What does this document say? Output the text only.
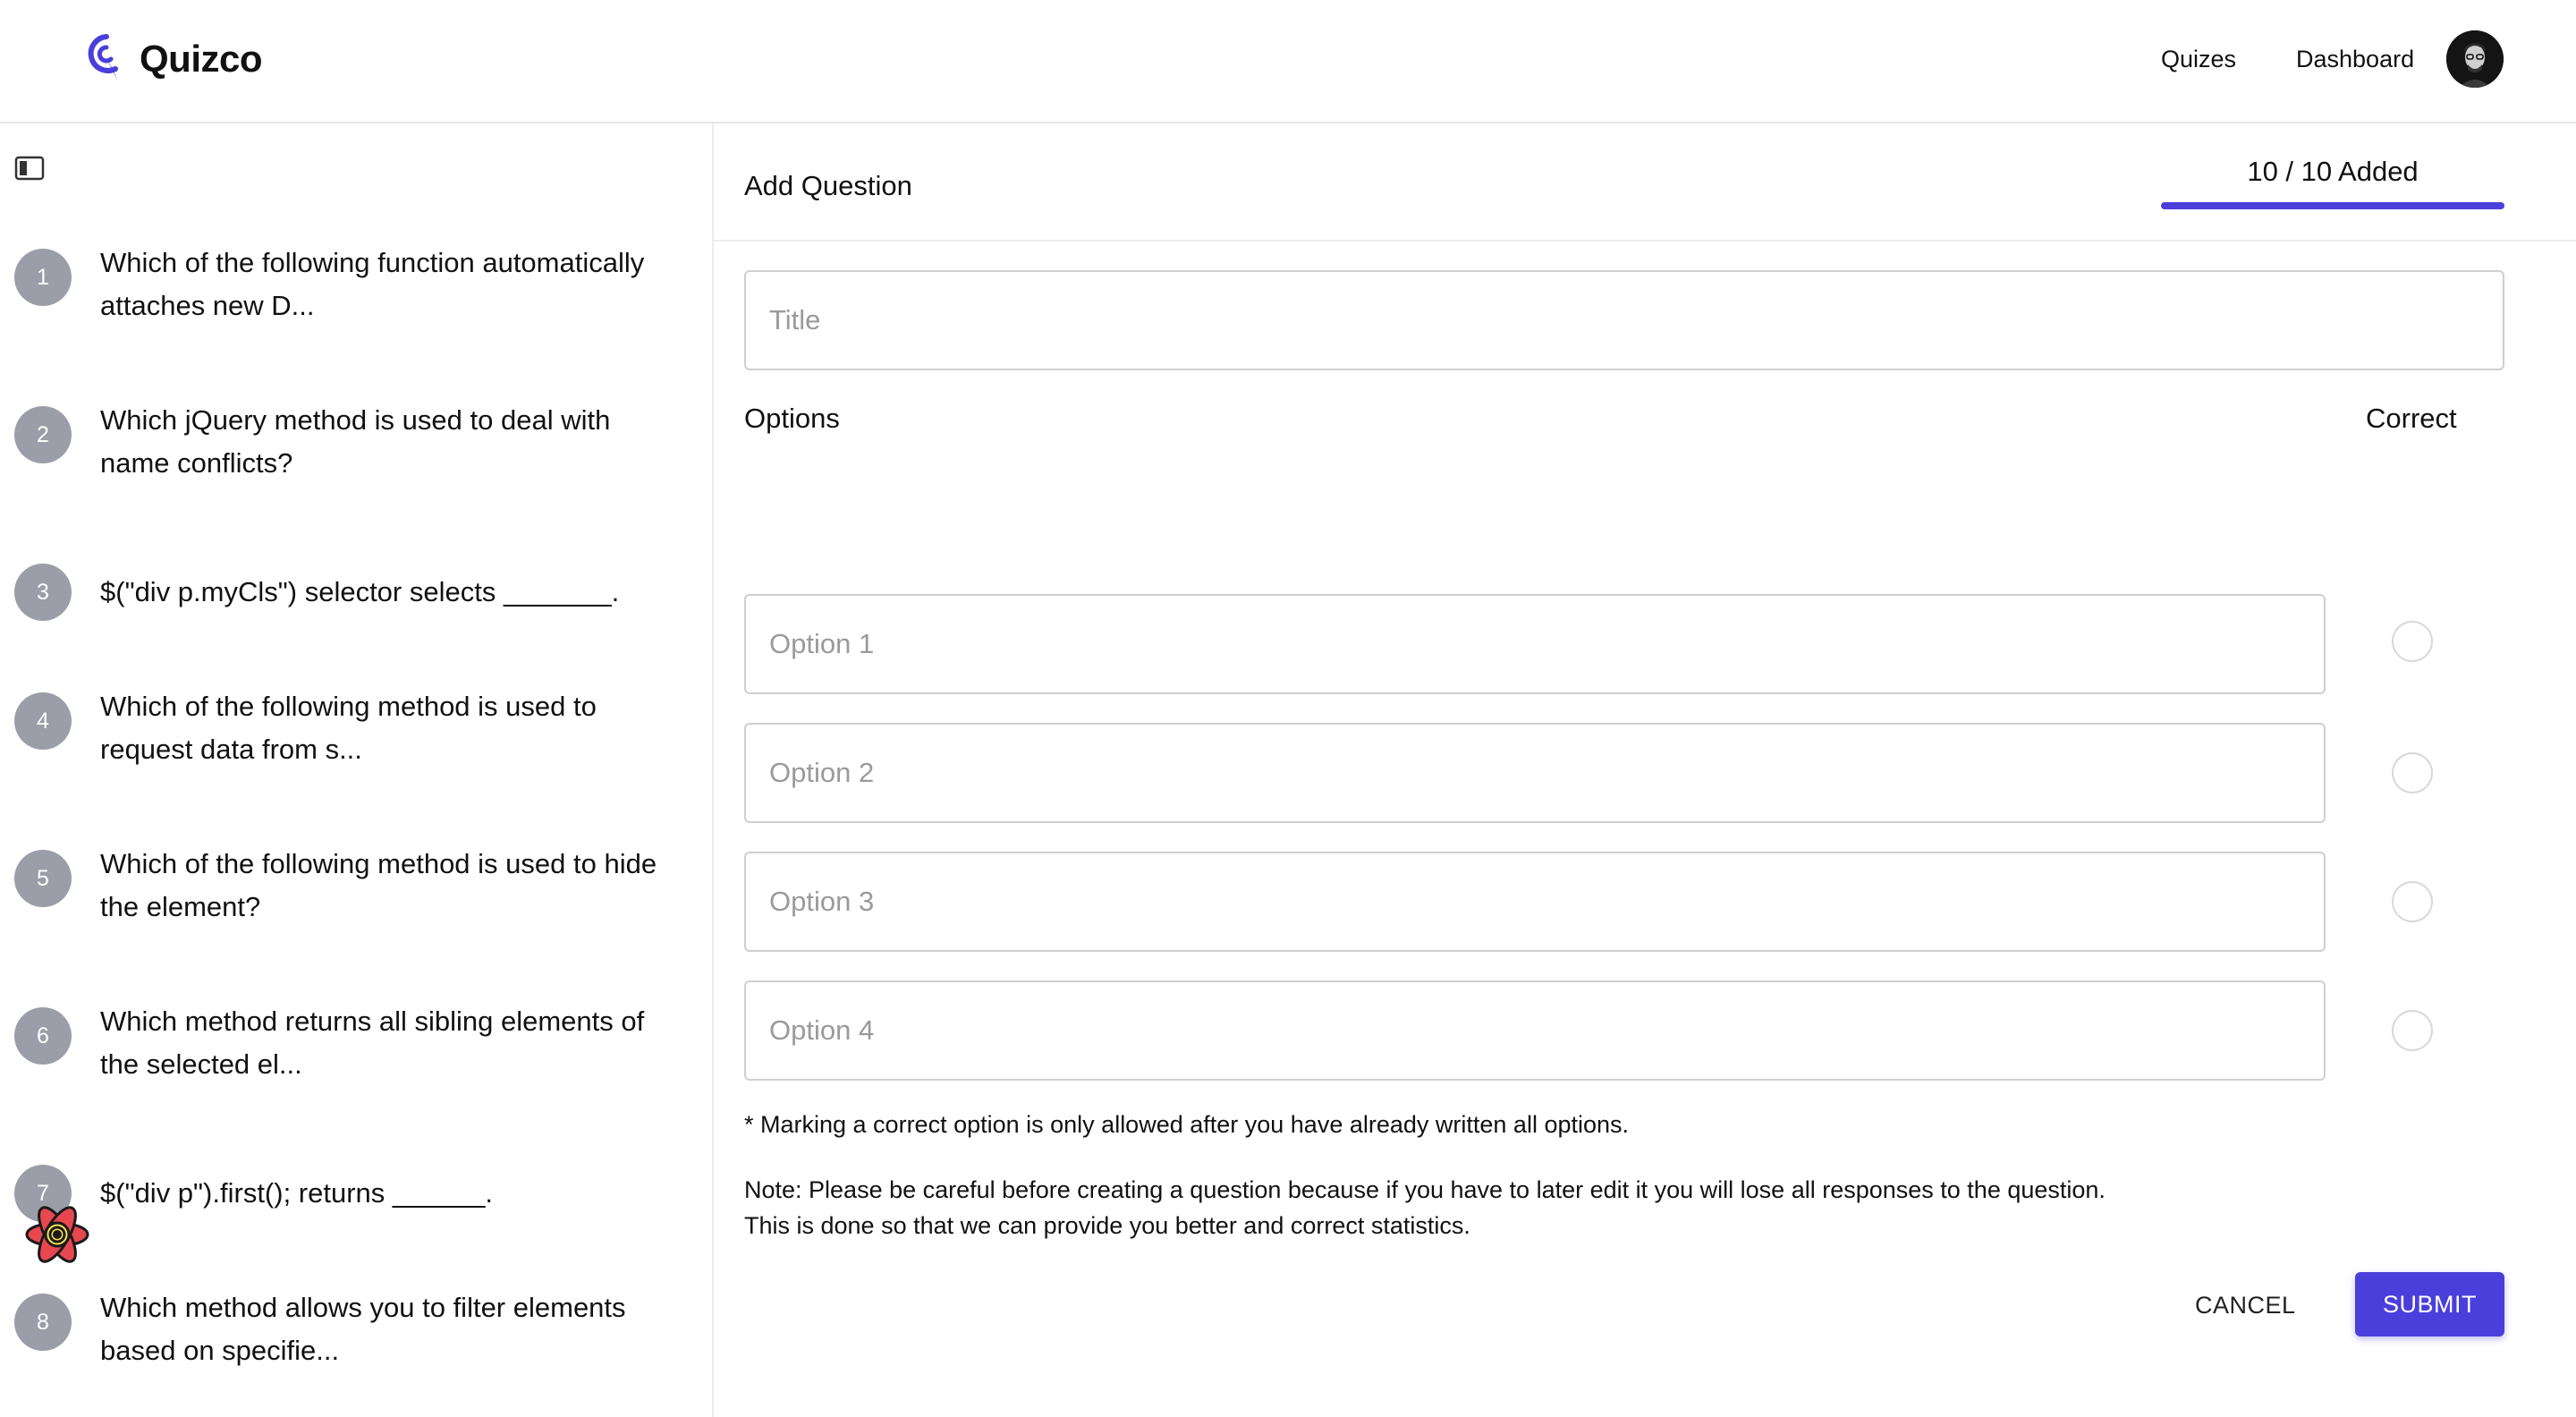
Quizco	Quizes Dashboard
1	Which of the following function automatically attaches new D...
2	Which jQuery method is used to deal with name conflicts?
3	$("div p.myCls") selector selects _______.
4	Which of the following method is used to request data from s...
5	Which of the following method is used to hide the element?
6	Which method returns all sibling elements of the selected el...
7	$("div p").first(); returns ______.
8	Which method allows you to filter elements based on specifie...
Add Question	10 / 10 Added
Title
Options	Correct
Option 1
Option 2
Option 3
Option 4
* Marking a correct option is only allowed after you have already written all options.
Note: Please be careful before creating a question because if you have to later edit it you will lose all responses to the question.
This is done so that we can provide you better and correct statistics.
CANCEL	SUBMIT
